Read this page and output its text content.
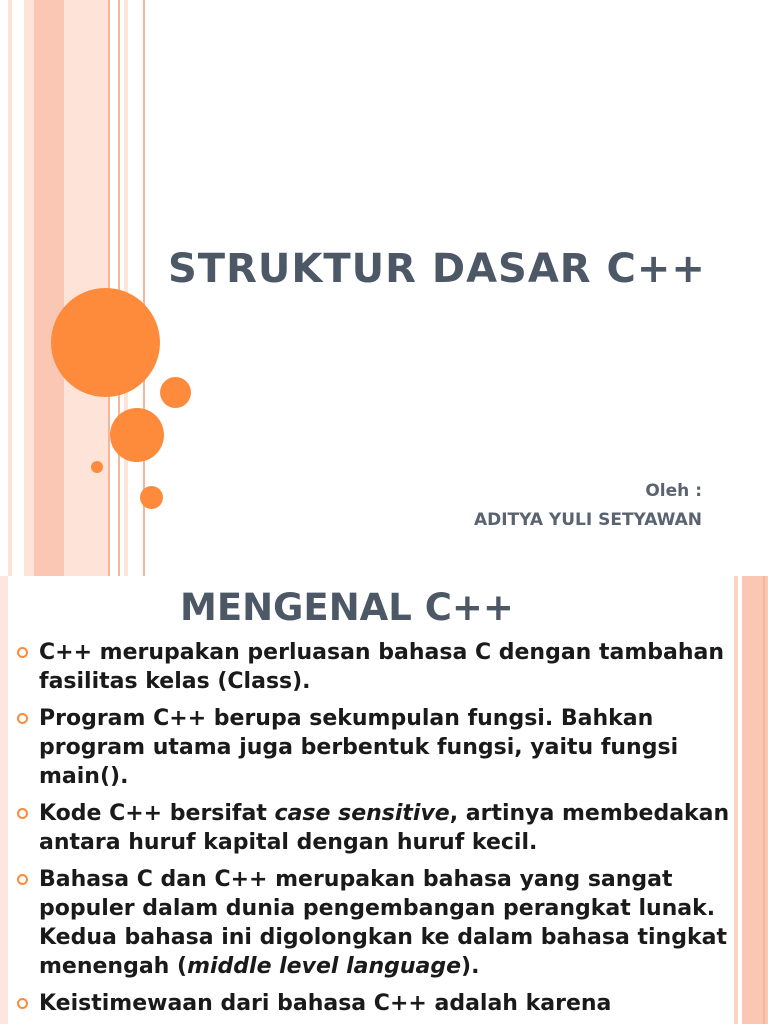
STRUKTUR DASAR C++
Oleh :
ADITYA YULI SETYAWAN
MENGENAL C++
C++ merupakan perluasan bahasa C dengan tambahan fasilitas kelas (Class).
Program C++ berupa sekumpulan fungsi. Bahkan program utama juga berbentuk fungsi, yaitu fungsi main().
Kode C++ bersifat case sensitive, artinya membedakan antara huruf kapital dengan huruf kecil.
Bahasa C dan C++ merupakan bahasa yang sangat populer dalam dunia pengembangan perangkat lunak. Kedua bahasa ini digolongkan ke dalam bahasa tingkat menengah (middle level language).
Keistimewaan dari bahasa C++ adalah karena
